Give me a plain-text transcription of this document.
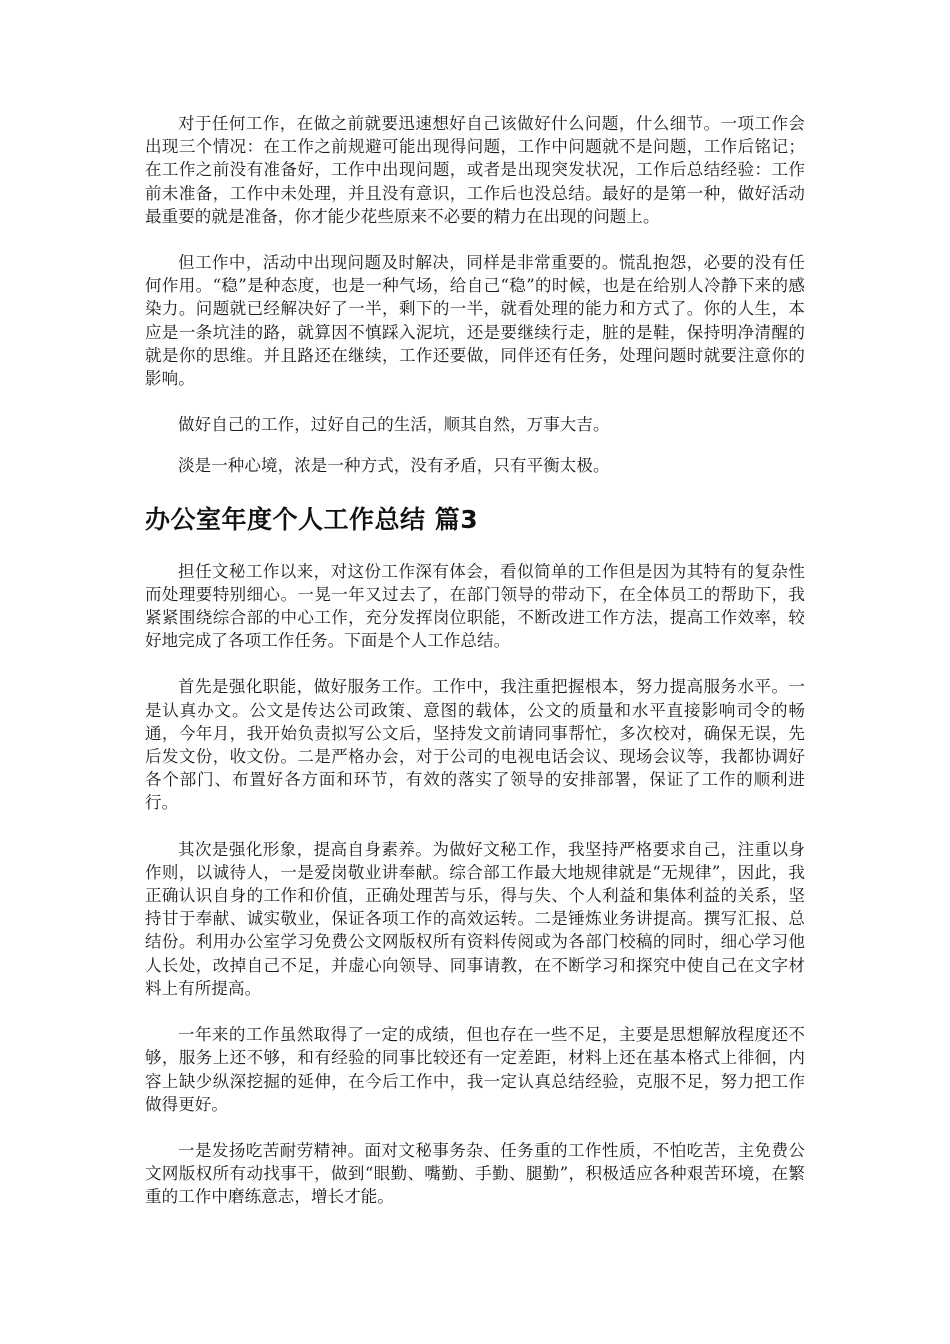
对于任何工作，在做之前就要迅速想好自己该做好什么问题，什么细节。一项工作会出现三个情况：在工作之前规避可能出现得问题，工作中问题就不是问题，工作后铭记；在工作之前没有准备好，工作中出现问题，或者是出现突发状况，工作后总结经验：工作前未准备，工作中未处理，并且没有意识，工作后也没总结。最好的是第一种，做好活动最重要的就是准备，你才能少花些原来不必要的精力在出现的问题上。

但工作中，活动中出现问题及时解决，同样是非常重要的。慌乱抱怨，必要的没有任何作用。“稳”是种态度，也是一种气场，给自己“稳”的时候，也是在给别人冷静下来的感染力。问题就已经解决好了一半，剩下的一半，就看处理的能力和方式了。你的人生，本应是一条坑洼的路，就算因不慎踩入泥坑，还是要继续行走，脏的是鞋，保持明净清醒的就是你的思维。并且路还在继续，工作还要做，同伴还有任务，处理问题时就要注意你的影响。

做好自己的工作，过好自己的生活，顺其自然，万事大吉。

淡是一种心境，浓是一种方式，没有矛盾，只有平衡太极。

办公室年度个人工作总结 篇3

担任文秘工作以来，对这份工作深有体会，看似简单的工作但是因为其特有的复杂性而处理要特别细心。一晃一年又过去了，在部门领导的带动下，在全体员工的帮助下，我紧紧围绕综合部的中心工作，充分发挥岗位职能，不断改进工作方法，提高工作效率，较好地完成了各项工作任务。下面是个人工作总结。

首先是强化职能，做好服务工作。工作中，我注重把握根本，努力提高服务水平。一是认真办文。公文是传达公司政策、意图的载体，公文的质量和水平直接影响司令的畅通，今年月，我开始负责拟写公文后，坚持发文前请同事帮忙，多次校对，确保无误，先后发文份，收文份。二是严格办会，对于公司的电视电话会议、现场会议等，我都协调好各个部门、布置好各方面和环节，有效的落实了领导的安排部署，保证了工作的顺利进行。

其次是强化形象，提高自身素养。为做好文秘工作，我坚持严格要求自己，注重以身作则，以诚待人，一是爱岗敬业讲奉献。综合部工作最大地规律就是“无规律”，因此，我正确认识自身的工作和价值，正确处理苦与乐，得与失、个人利益和集体利益的关系，坚持甘于奉献、诚实敬业，保证各项工作的高效运转。二是锤炼业务讲提高。撰写汇报、总结份。利用办公室学习免费公文网版权所有资料传阅或为各部门校稿的同时，细心学习他人长处，改掉自己不足，并虚心向领导、同事请教，在不断学习和探究中使自己在文字材料上有所提高。

一年来的工作虽然取得了一定的成绩，但也存在一些不足，主要是思想解放程度还不够，服务上还不够，和有经验的同事比较还有一定差距，材料上还在基本格式上徘徊，内容上缺少纵深挖掘的延伸，在今后工作中，我一定认真总结经验，克服不足，努力把工作做得更好。

一是发扬吃苦耐劳精神。面对文秘事务杂、任务重的工作性质，不怕吃苦，主免费公文网版权所有动找事干，做到“眼勤、嘴勤、手勤、腿勤”，积极适应各种艰苦环境，在繁重的工作中磨练意志，增长才能。
